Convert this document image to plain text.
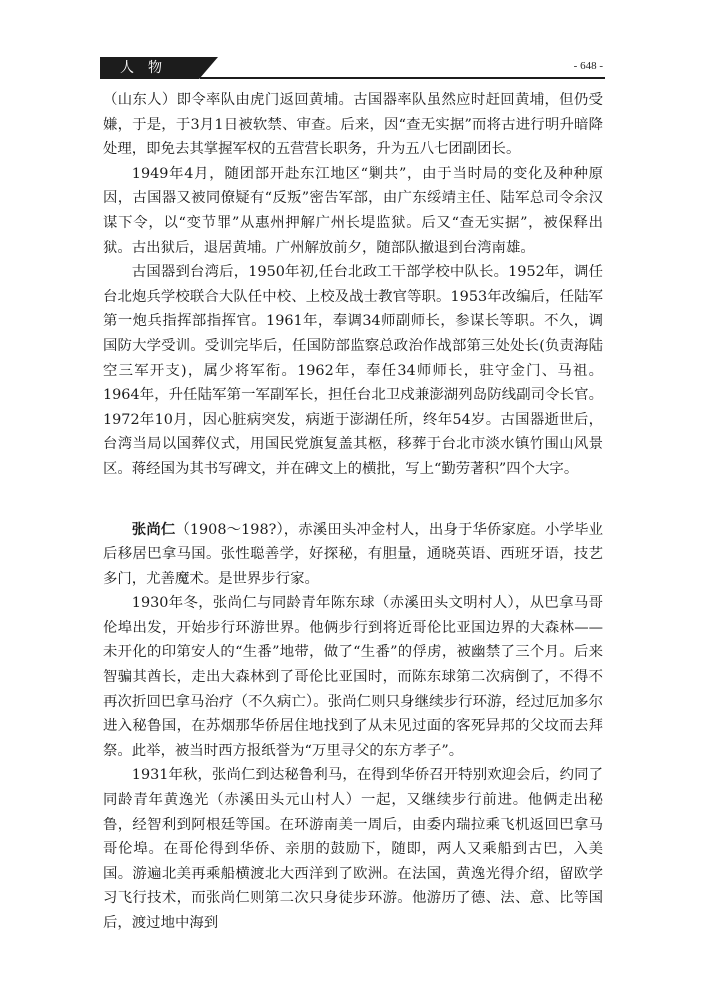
人物	- 648 -

（山东人）即令率队由虎门返回黄埔。古国器率队虽然应时赶回黄埔，但仍受嫌，于是，于3月1日被软禁、审查。后来，因“查无实据”而将古进行明升暗降处理，即免去其掌握军权的五营营长职务，升为五八七团副团长。

1949年4月，随团部开赴东江地区“剿共”，由于当时局的变化及种种原因，古国器又被同僚疑有“反叛”密告军部，由广东绥靖主任、陆军总司令余汉谋下令，以“变节罪”从惠州押解广州长堤监狱。后又“查无实据”，被保释出狱。古出狱后，退居黄埔。广州解放前夕，随部队撤退到台湾南雄。

古国器到台湾后，1950年初,任台北政工干部学校中队长。1952年，调任台北炮兵学校联合大队任中校、上校及战士教官等职。1953年改编后，任陆军第一炮兵指挥部指挥官。1961年，奉调34师副师长，参谋长等职。不久，调国防大学受训。受训完毕后，任国防部监察总政治作战部第三处处长(负责海陆空三军开支)，属少将军衔。1962年，奉任34师师长，驻守金门、马祖。1964年，升任陆军第一军副军长，担任台北卫戍兼澎湖列岛防线副司令长官。1972年10月，因心脏病突发，病逝于澎湖任所，终年54岁。古国器逝世后，台湾当局以国葬仪式，用国民党旗复盖其柩，移葬于台北市淡水镇竹围山风景区。蒋经国为其书写碑文，并在碑文上的横批，写上“勤劳著积”四个大字。

张尚仁（1908～198?），赤溪田头冲金村人，出身于华侨家庭。小学毕业后移居巴拿马国。张性聪善学，好探秘，有胆量，通晓英语、西班牙语，技艺多门，尤善魔术。是世界步行家。

1930年冬，张尚仁与同龄青年陈东球（赤溪田头文明村人），从巴拿马哥伦埠出发，开始步行环游世界。他俩步行到将近哥伦比亚国边界的大森林——未开化的印第安人的“生番”地带，做了“生番”的俘虏，被幽禁了三个月。后来智骗其酋长，走出大森林到了哥伦比亚国时，而陈东球第二次病倒了，不得不再次折回巴拿马治疗（不久病亡）。张尚仁则只身继续步行环游，经过厄加多尔进入秘鲁国，在苏烟那华侨居住地找到了从未见过面的客死异邦的父坟而去拜祭。此举，被当时西方报纸誉为“万里寻父的东方孝子”。

1931年秋，张尚仁到达秘鲁利马，在得到华侨召开特别欢迎会后，约同了同龄青年黄逸光（赤溪田头元山村人）一起，又继续步行前进。他俩走出秘鲁，经智利到阿根廷等国。在环游南美一周后，由委内瑞拉乘飞机返回巴拿马哥伦埠。在哥伦得到华侨、亲朋的鼓励下，随即，两人又乘船到古巴，入美国。游遍北美再乘船横渡北大西洋到了欧洲。在法国，黄逸光得介绍，留欧学习飞行技术，而张尚仁则第二次只身徒步环游。他游历了德、法、意、比等国后，渡过地中海到
